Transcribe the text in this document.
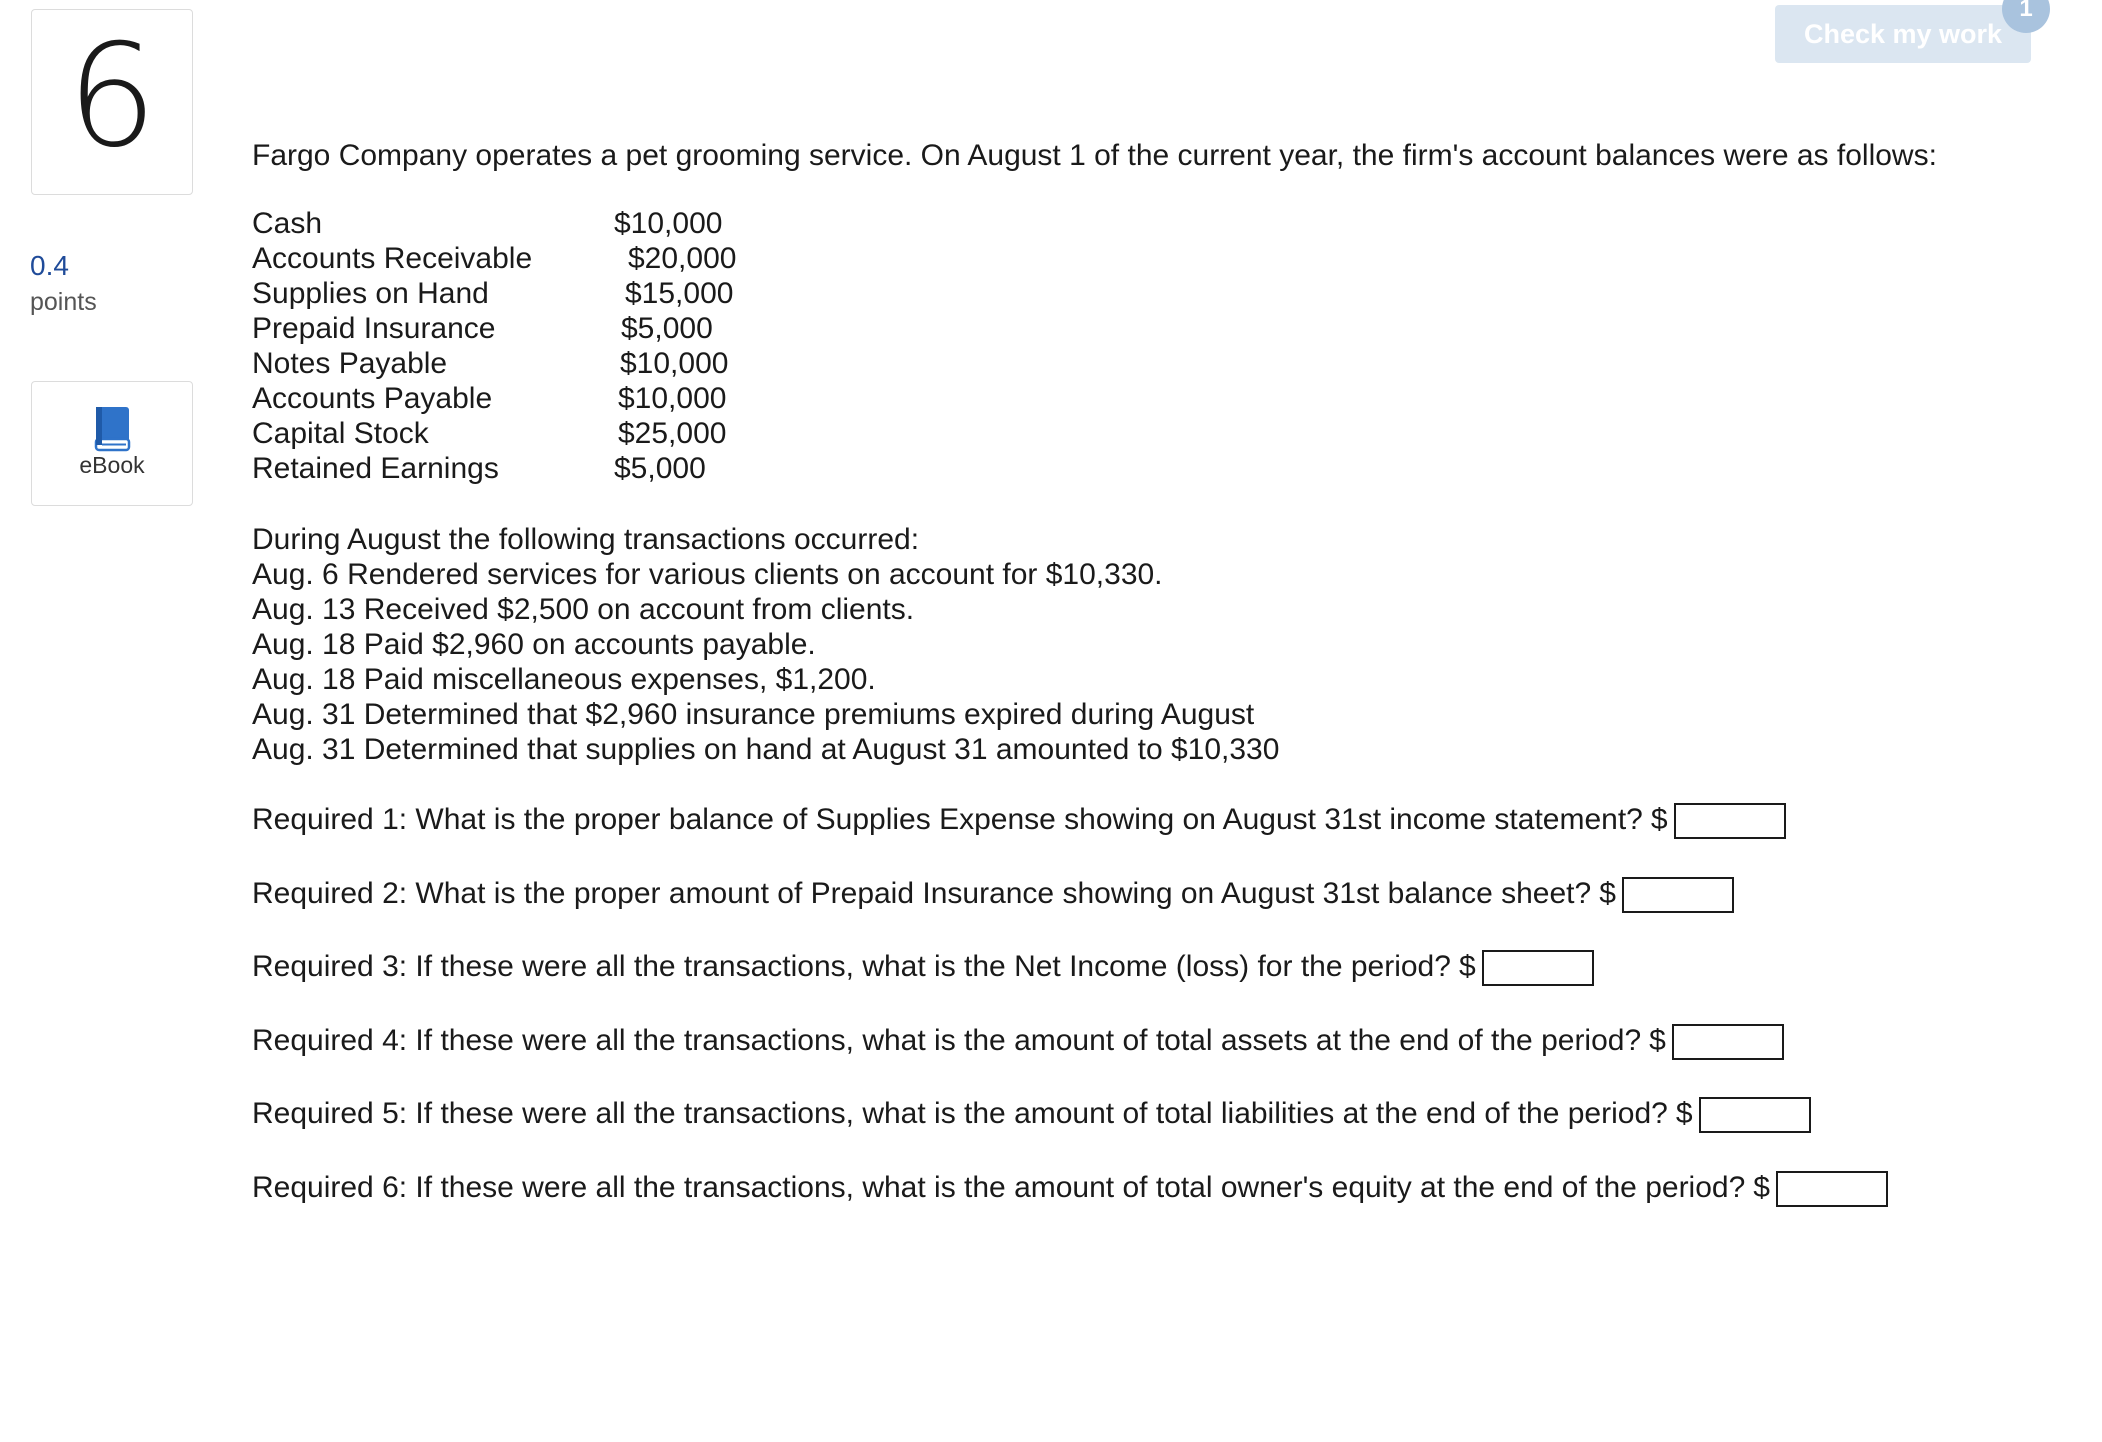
6
0.4
points
eBook
Check my work
1
Fargo Company operates a pet grooming service. On August 1 of the current year, the firm's account balances were as follows:
Cash	$10,000
Accounts Receivable	$20,000
Supplies on Hand	$15,000
Prepaid Insurance	$5,000
Notes Payable	$10,000
Accounts Payable	$10,000
Capital Stock	$25,000
Retained Earnings	$5,000
During August the following transactions occurred:
Aug. 6 Rendered services for various clients on account for $10,330.
Aug. 13 Received $2,500 on account from clients.
Aug. 18 Paid $2,960 on accounts payable.
Aug. 18 Paid miscellaneous expenses, $1,200.
Aug. 31 Determined that $2,960 insurance premiums expired during August
Aug. 31 Determined that supplies on hand at August 31 amounted to $10,330
Required 1: What is the proper balance of Supplies Expense showing on August 31st income statement? $
Required 2: What is the proper amount of Prepaid Insurance showing on August 31st balance sheet? $
Required 3: If these were all the transactions, what is the Net Income (loss) for the period? $
Required 4: If these were all the transactions, what is the amount of total assets at the end of the period? $
Required 5: If these were all the transactions, what is the amount of total liabilities at the end of the period? $
Required 6: If these were all the transactions, what is the amount of total owner's equity at the end of the period? $
